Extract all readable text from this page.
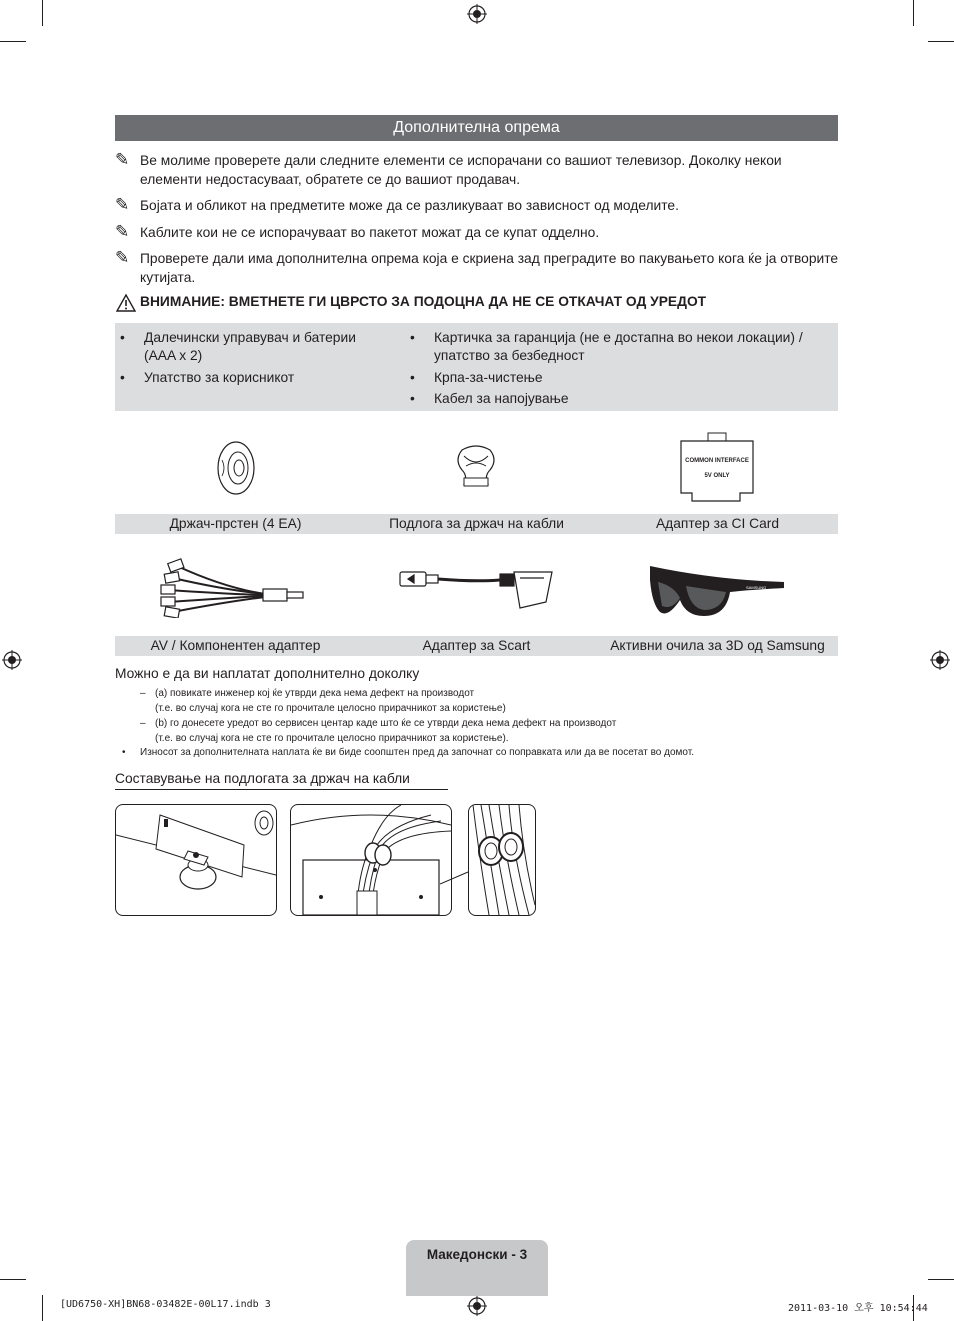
Дополнителна опрема
✎ Ве молиме проверете дали следните елементи се испорачани со вашиот телевизор. Доколку некои елементи недостасуваат, обратете се до вашиот продавач.
✎ Бојата и обликот на предметите може да се разликуваат во зависност од моделите.
✎ Каблите кои не се испорачуваат во пакетот можат да се купат одделно.
✎ Проверете дали има дополнителна опрема која е скриена зад преградите во пакувањето кога ќе ја отворите кутијата.
ВНИМАНИЕ: ВМЕТНЕТЕ ГИ ЦВРСТО ЗА ПОДОЦНА ДА НЕ СЕ ОТКАЧАТ ОД УРЕДОТ
• Далечински управувач и батерии (AAA x 2)
• Упатство за корисникот
• Картичка за гаранција (не е достапна во некои локации) / упатство за безбедност
• Крпа-за-чистење
• Кабел за напојување
COMMON INTERFACE
5V ONLY
Држач-прстен (4 EA)	Подлога за држач на кабли	Адаптер за CI Card
SAMSUNG
AV / Компонентен адаптер	Адаптер за Scart	Активни очила за 3D од Samsung
Можно е да ви наплатат дополнително доколку
– (а) повикате инженер кој ќе утврди дека нема дефект на производот
(т.е. во случај кога не сте го прочитале целосно прирачникот за користење)
– (b) го донесете уредот во сервисен центар каде што ќе се утврди дека нема дефект на производот
(т.е. во случај кога не сте го прочитале целосно прирачникот за користење).
• Износот за дополнителната наплата ќе ви биде соопштен пред да започнат со поправката или да ве посетат во домот.
Составување на подлогата за држач на кабли
Македонски - 3
[UD6750-XH]BN68-03482E-00L17.indb 3	2011-03-10 오후 10:54:44
